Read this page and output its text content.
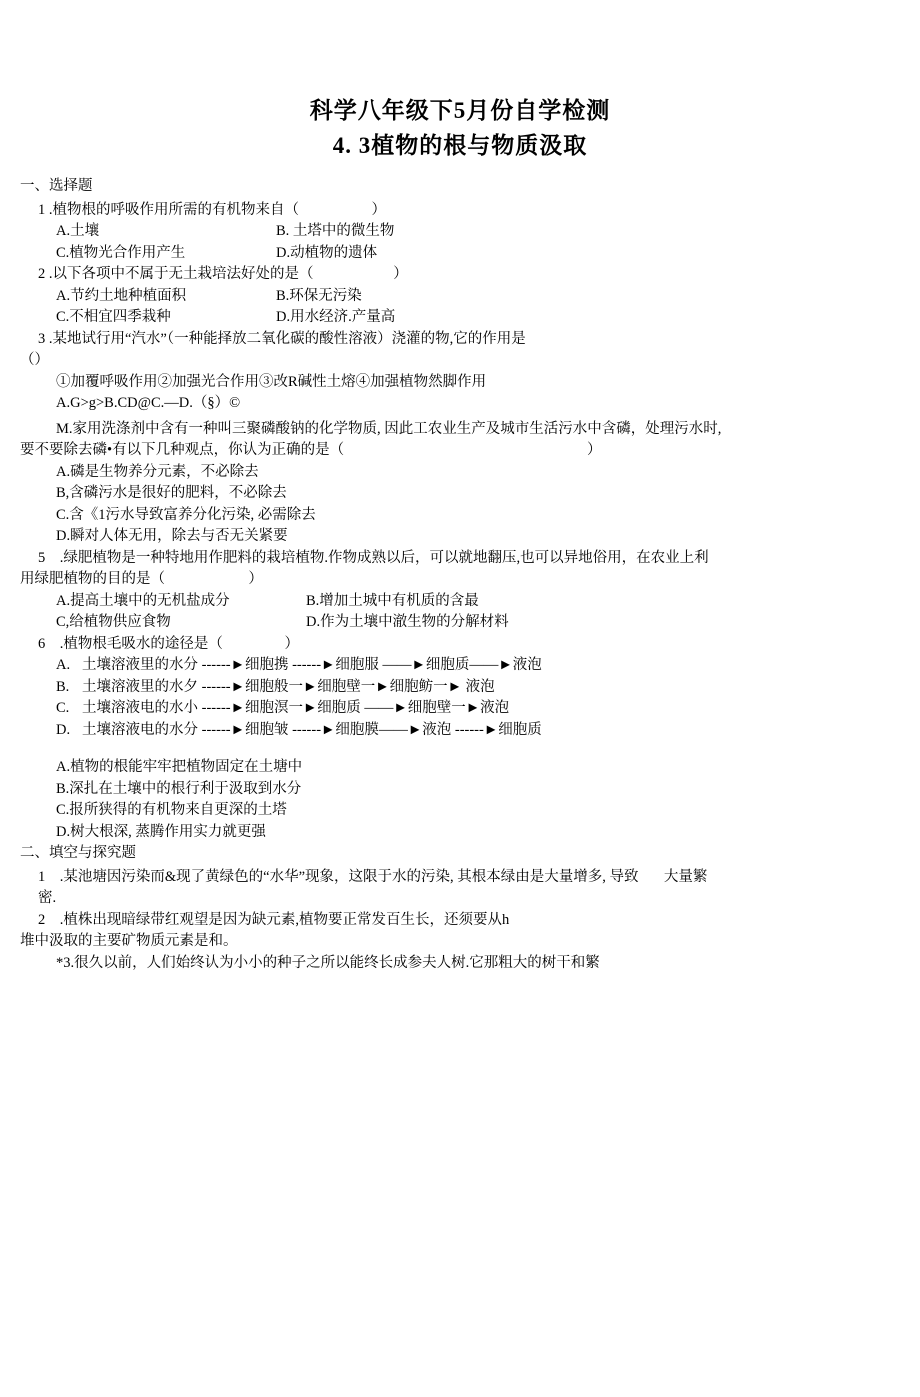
科学八年级下5月份自学检测
4. 3植物的根与物质汲取
一、选择题
1 .植物根的呼吸作用所需的有机物来自（                    ）
A.土壤	B. 土塔中的微生物
C.植物光合作用产生	D.动植物的遗体
2 .以下各项中不属于无土栽培法好处的是（                      ）
A.节约土地种植面积	B.环保无污染
C.不相宜四季栽种	D.用水经济.产量高
3 .某地试行用“汽水”（一种能择放二氧化碳的酸性溶液）浇灌的物,它的作用是
（）
①加覆呼吸作用②加强光合作用③改R碱性土熔④加强植物然脚作用
A.G>g>B.CD@C.—D.（§）©
M.家用洗涤剂中含有一种叫三聚磷酸钠的化学物质, 因此工农业生产及城市生活污水中含磷，处理污水时,
要不要除去磷•有以下几种观点，你认为正确的是（                                                                   ）
A.磷是生物养分元素，不必除去
B,含磷污水是很好的肥料，不必除去
C.含《1污水导致富养分化污染, 必需除去
D.瞬对人体无用，除去与否无关紧要
5    .绿肥植物是一种特地用作肥料的栽培植物.作物成熟以后，可以就地翻压,也可以异地俗用，在农业上利
用绿肥植物的目的是（                       ）
A.提高土壤中的无机盐成分	B.增加土城中有机质的含最
C,给植物供应食物	D.作为土壤中澈生物的分解材料
6    .植物根毛吸水的途径是（                 ）
A. 土壤溶液里的水分 ------►细胞携 ------►细胞服 ——►细胞质——►液泡
B. 土壤溶液里的水夕 ------►细胞般一►细胞壁一►细胞鲂一► 液泡
C. 土壤溶液电的水小 ------►细胞溟一►细胞质 ——►细胞壁一►液泡
D. 土壤溶液电的水分 ------►细胞皱 ------►细胞膜——►液泡 ------►细胞质
A.植物的根能牢牢把植物固定在土塘中
B.深扎在土壤中的根行利于汲取到水分
C.报所狭得的有机物来自更深的土塔
D.树大根深, 蒸腾作用实力就更强
二、填空与探究题
1    .某池塘因污染而&现了黄绿色的“水华”现象，这限于水的污染, 其根本绿由是大量增多, 导致       大量繁
密.
2    .植株出现暗绿带红观望是因为缺元素,植物要正常发百生长，还须要从h
堆中汲取的主要矿物质元素是和。
*3.很久以前，人们始终认为小小的种子之所以能终长成参夫人树.它那粗大的树干和繁
